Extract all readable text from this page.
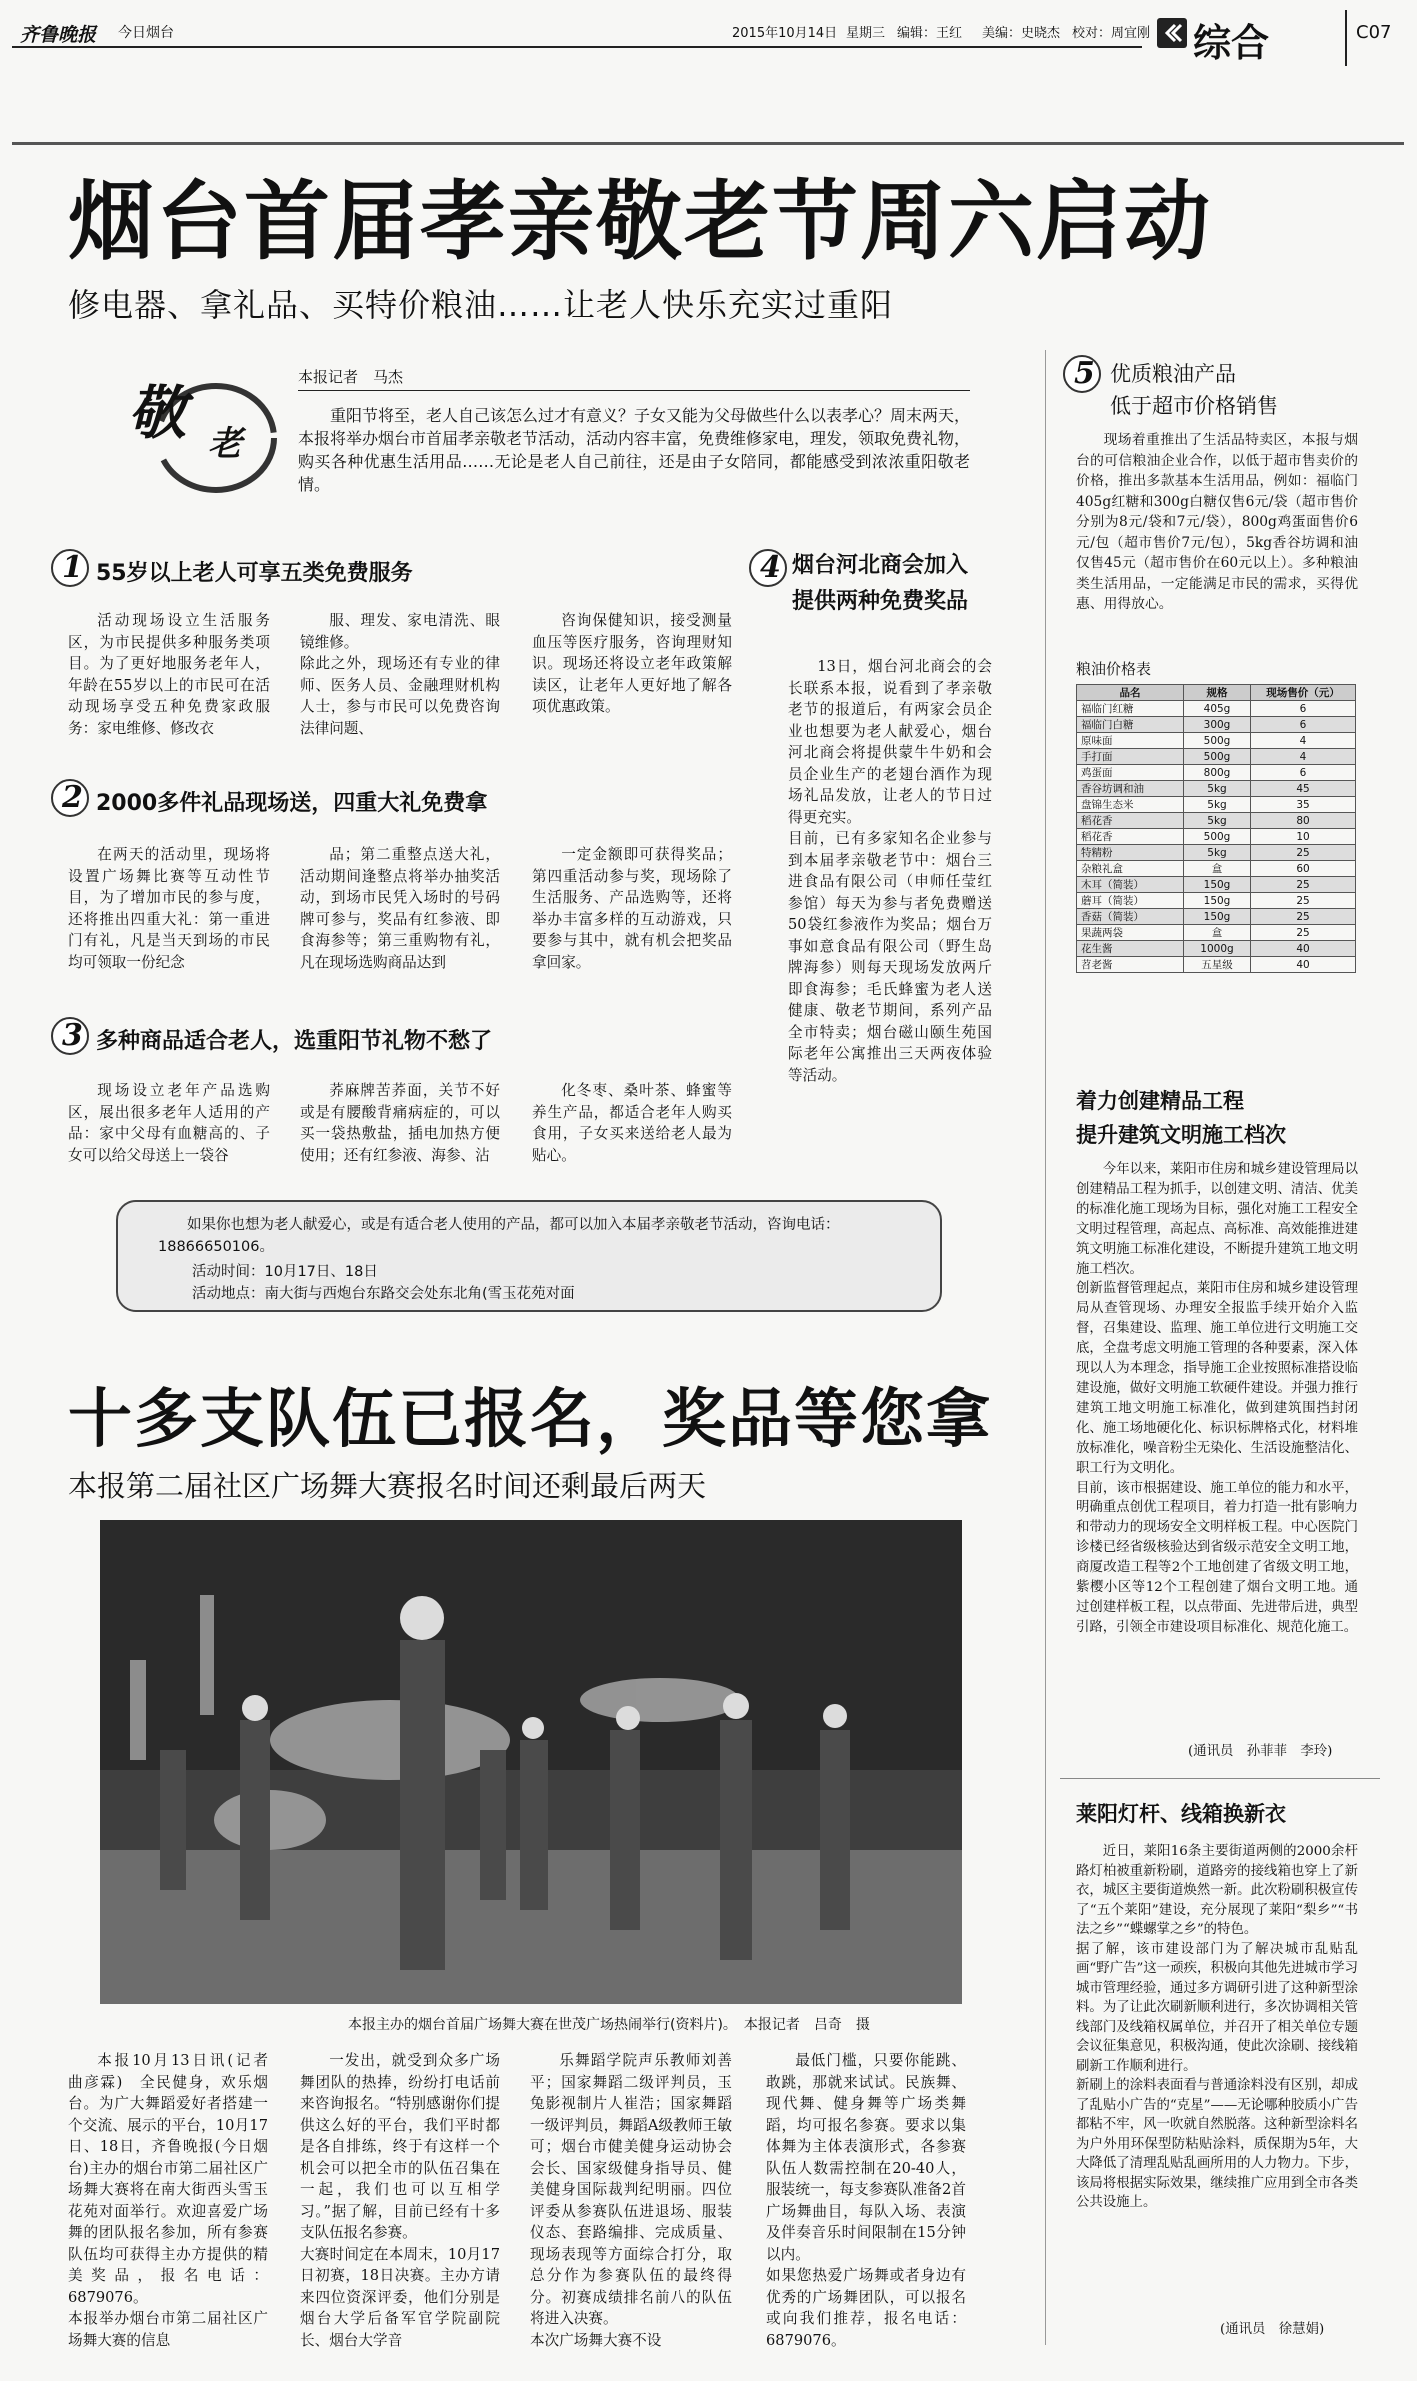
齐鲁晚报 今日烟台	2015年10月14日 星期三 编辑：王红 美编：史晓杰 校对：周宜刚 综合	C07
烟台首届孝亲敬老节周六启动
修电器、拿礼品、买特价粮油……让老人快乐充实过重阳
敬 老
本报记者　马杰

重阳节将至，老人自己该怎么过才有意义？子女又能为父母做些什么以表孝心？周末两天，本报将举办烟台市首届孝亲敬老节活动，活动内容丰富，免费维修家电，理发，领取免费礼物，购买各种优惠生活用品……无论是老人自己前往，还是由子女陪同，都能感受到浓浓重阳敬老情。

1 55岁以上老人可享五类免费服务

活动现场设立生活服务区，为市民提供多种服务类项目。为了更好地服务老年人，年龄在55岁以上的市民可在活动现场享受五种免费家政服务：家电维修、修改衣

服、理发、家电清洗、眼镜维修。
除此之外，现场还有专业的律师、医务人员、金融理财机构人士，参与市民可以免费咨询法律问题、

咨询保健知识，接受测量血压等医疗服务，咨询理财知识。现场还将设立老年政策解读区，让老年人更好地了解各项优惠政策。

2 2000多件礼品现场送，四重大礼免费拿

在两天的活动里，现场将设置广场舞比赛等互动性节目，为了增加市民的参与度，还将推出四重大礼：第一重进门有礼，凡是当天到场的市民均可领取一份纪念

品；第二重整点送大礼，活动期间逢整点将举办抽奖活动，到场市民凭入场时的号码牌可参与，奖品有红参液、即食海参等；第三重购物有礼，凡在现场选购商品达到

一定金额即可获得奖品；第四重活动参与奖，现场除了生活服务、产品选购等，还将举办丰富多样的互动游戏，只要参与其中，就有机会把奖品拿回家。

3 多种商品适合老人，选重阳节礼物不愁了

现场设立老年产品选购区，展出很多老年人适用的产品：家中父母有血糖高的、子女可以给父母送上一袋谷

荞麻牌苦荞面，关节不好或是有腰酸背痛病症的，可以买一袋热敷盐，插电加热方便使用；还有红参液、海参、沾

化冬枣、桑叶茶、蜂蜜等养生产品，都适合老年人购买食用，子女买来送给老人最为贴心。

4 烟台河北商会加入
提供两种免费奖品

13日，烟台河北商会的会长联系本报，说看到了孝亲敬老节的报道后，有两家会员企业也想要为老人献爱心，烟台河北商会将提供蒙牛牛奶和会员企业生产的老翅台酒作为现场礼品发放，让老人的节日过得更充实。
目前，已有多家知名企业参与到本届孝亲敬老节中：烟台三进食品有限公司（申师任莹红参馆）每天为参与者免费赠送50袋红参液作为奖品；烟台万事如意食品有限公司（野生岛牌海参）则每天现场发放两斤即食海参；毛氏蜂蜜为老人送健康、敬老节期间，系列产品全市特卖；烟台磁山颐生苑国际老年公寓推出三天两夜体验等活动。

如果你也想为老人献爱心，或是有适合老人使用的产品，都可以加入本届孝亲敬老节活动，咨询电话：18866650106。

活动时间：10月17日、18日
活动地点：南大街与西炮台东路交会处东北角(雪玉花苑对面
十多支队伍已报名，奖品等您拿
本报第二届社区广场舞大赛报名时间还剩最后两天
本报主办的烟台首届广场舞大赛在世茂广场热闹举行(资料片)。　本报记者　吕奇　摄

本报10月13日讯(记者　曲彦霖)　全民健身，欢乐烟台。为广大舞蹈爱好者搭建一个交流、展示的平台，10月17日、18日，齐鲁晚报(今日烟台)主办的烟台市第二届社区广场舞大赛将在南大街西头雪玉花苑对面举行。欢迎喜爱广场舞的团队报名参加，所有参赛队伍均可获得主办方提供的精美奖品，报名电话：6879076。
本报举办烟台市第二届社区广场舞大赛的信息

一发出，就受到众多广场舞团队的热捧，纷纷打电话前来咨询报名。“特别感谢你们提供这么好的平台，我们平时都是各自排练，终于有这样一个机会可以把全市的队伍召集在一起，我们也可以互相学习。”据了解，目前已经有十多支队伍报名参赛。
大赛时间定在本周末，10月17日初赛，18日决赛。主办方请来四位资深评委，他们分别是烟台大学后备军官学院副院长、烟台大学音

乐舞蹈学院声乐教师刘善平；国家舞蹈二级评判员，玉兔影视制片人崔浩；国家舞蹈一级评判员，舞蹈A级教师王敏可；烟台市健美健身运动协会会长、国家级健身指导员、健美健身国际裁判纪明丽。四位评委从参赛队伍进退场、服装仪态、套路编排、完成质量、现场表现等方面综合打分，取总分作为参赛队伍的最终得分。初赛成绩排名前八的队伍将进入决赛。
本次广场舞大赛不设

最低门槛，只要你能跳、敢跳，那就来试试。民族舞、现代舞、健身舞等广场类舞蹈，均可报名参赛。要求以集体舞为主体表演形式，各参赛队伍人数需控制在20-40人，服装统一，每支参赛队准备2首广场舞曲目，每队入场、表演及伴奏音乐时间限制在15分钟以内。
如果您热爱广场舞或者身边有优秀的广场舞团队，可以报名或向我们推荐，报名电话：6879076。

5 优质粮油产品
低于超市价格销售

现场着重推出了生活品特卖区，本报与烟台的可信粮油企业合作，以低于超市售卖价的价格，推出多款基本生活用品，例如：福临门405g红糖和300g白糖仅售6元/袋（超市售价分别为8元/袋和7元/袋），800g鸡蛋面售价6元/包（超市售价7元/包），5kg香谷坊调和油仅售45元（超市售价在60元以上）。多种粮油类生活用品，一定能满足市民的需求，买得优惠、用得放心。

粮油价格表
品名	规格	现场售价（元）
福临门红糖	405g	6
福临门白糖	300g	6
原味面	500g	4
手打面	500g	4
鸡蛋面	800g	6
香谷坊调和油	5kg	45
盘锦生态米	5kg	35
稻花香	5kg	80
稻花香	500g	10
特精粉	5kg	25
杂粮礼盒	盒	60
木耳（简装）	150g	25
蘑耳（简装）	150g	25
香菇（简装）	150g	25
果蔬两袋	盒	25
花生酱	1000g	40
苕老酱	五星级	40
着力创建精品工程
提升建筑文明施工档次

今年以来，莱阳市住房和城乡建设管理局以创建精品工程为抓手，以创建文明、清洁、优美的标准化施工现场为目标，强化对施工工程安全文明过程管理，高起点、高标准、高效能推进建筑文明施工标准化建设，不断提升建筑工地文明施工档次。
创新监督管理起点，莱阳市住房和城乡建设管理局从查管现场、办理安全报监手续开始介入监督，召集建设、监理、施工单位进行文明施工交底，全盘考虑文明施工管理的各种要素，深入体现以人为本理念，指导施工企业按照标准搭设临建设施，做好文明施工软硬件建设。并强力推行建筑工地文明施工标准化，做到建筑围挡封闭化、施工场地硬化化、标识标牌格式化，材料堆放标准化，噪音粉尘无染化、生活设施整洁化、职工行为文明化。
目前，该市根据建设、施工单位的能力和水平，明确重点创优工程项目，着力打造一批有影响力和带动力的现场安全文明样板工程。中心医院门诊楼已经省级核验达到省级示范安全文明工地，商厦改造工程等2个工地创建了省级文明工地，紫樱小区等12个工程创建了烟台文明工地。通过创建样板工程，以点带面、先进带后进，典型引路，引领全市建设项目标准化、规范化施工。

(通讯员　孙菲菲　李玲)
莱阳灯杆、线箱换新衣

近日，莱阳16条主要街道两侧的2000余杆路灯柏被重新粉刷，道路旁的接线箱也穿上了新衣，城区主要街道焕然一新。此次粉刷积极宣传了“五个莱阳”建设，充分展现了莱阳“梨乡”“书法之乡”“蝶螺掌之乡”的特色。
据了解，该市建设部门为了解决城市乱贴乱画“野广告”这一顽疾，积极向其他先进城市学习城市管理经验，通过多方调研引进了这种新型涂料。为了让此次刷新顺利进行，多次协调相关管线部门及线箱权属单位，并召开了相关单位专题会议征集意见，积极沟通，使此次涂刷、接线箱刷新工作顺利进行。
新刷上的涂料表面看与普通涂料没有区别，却成了乱贴小广告的“克星”——无论哪种胶质小广告都粘不牢，风一吹就自然脱落。这种新型涂料名为户外用环保型防粘贴涂料，质保期为5年，大大降低了清理乱贴乱画所用的人力物力。下步，该局将根据实际效果，继续推广应用到全市各类公共设施上。

(通讯员　徐慧娟)
